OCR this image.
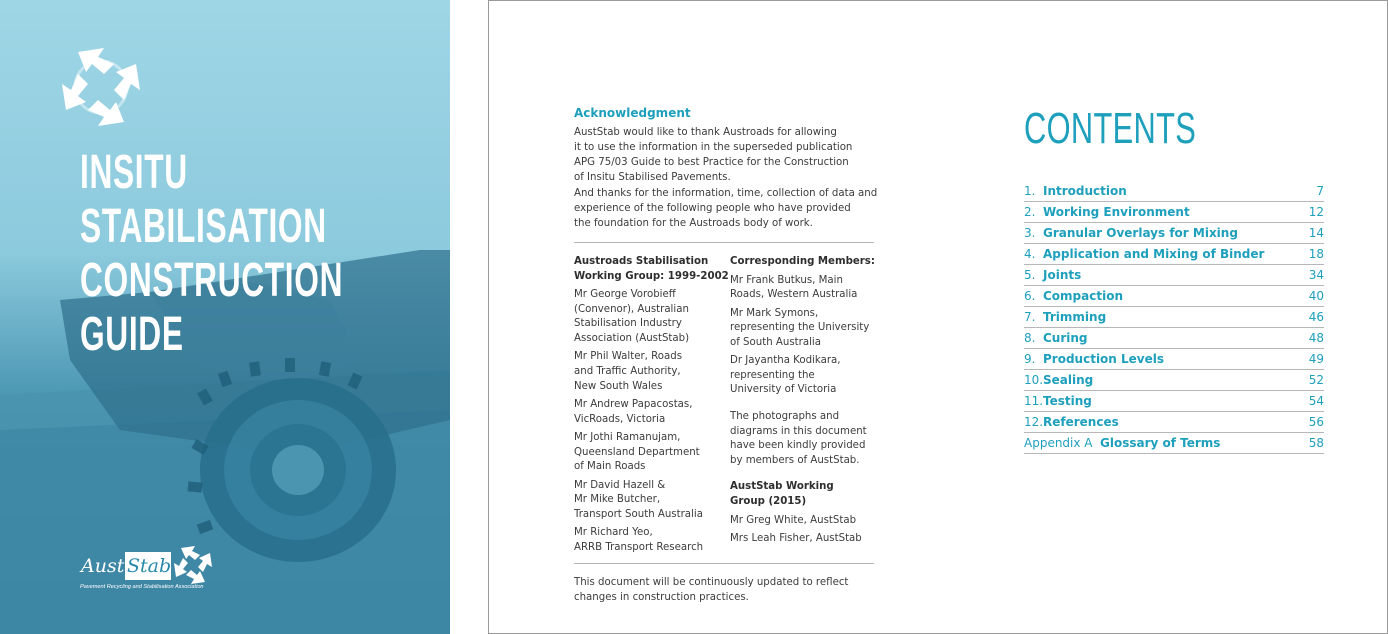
INSITU
STABILISATION
CONSTRUCTION
GUIDE
Aust Stab
Pavement Recycling and Stabilisation Association
Acknowledgment
AustStab would like to thank Austroads for allowing
it to use the information in the superseded publication
APG 75/03 Guide to best Practice for the Construction
of Insitu Stabilised Pavements.
And thanks for the information, time, collection of data and
experience of the following people who have provided
the foundation for the Austroads body of work.
Austroads Stabilisation
Working Group: 1999-2002
Mr George Vorobieff
(Convenor), Australian
Stabilisation Industry
Association (AustStab)
Mr Phil Walter, Roads
and Traffic Authority,
New South Wales
Mr Andrew Papacostas,
VicRoads, Victoria
Mr Jothi Ramanujam,
Queensland Department
of Main Roads
Mr David Hazell &
Mr Mike Butcher,
Transport South Australia
Mr Richard Yeo,
ARRB Transport Research
Corresponding Members:
Mr Frank Butkus, Main
Roads, Western Australia
Mr Mark Symons,
representing the University
of South Australia
Dr Jayantha Kodikara,
representing the
University of Victoria
The photographs and
diagrams in this document
have been kindly provided
by members of AustStab.
AustStab Working
Group (2015)
Mr Greg White, AustStab
Mrs Leah Fisher, AustStab
This document will be continuously updated to reflect
changes in construction practices.
CONTENTS
1. Introduction	7
2. Working Environment	12
3. Granular Overlays for Mixing	14
4. Application and Mixing of Binder	18
5. Joints	34
6. Compaction	40
7. Trimming	46
8. Curing	48
9. Production Levels	49
10. Sealing	52
11. Testing	54
12. References	56
Appendix A Glossary of Terms	58
